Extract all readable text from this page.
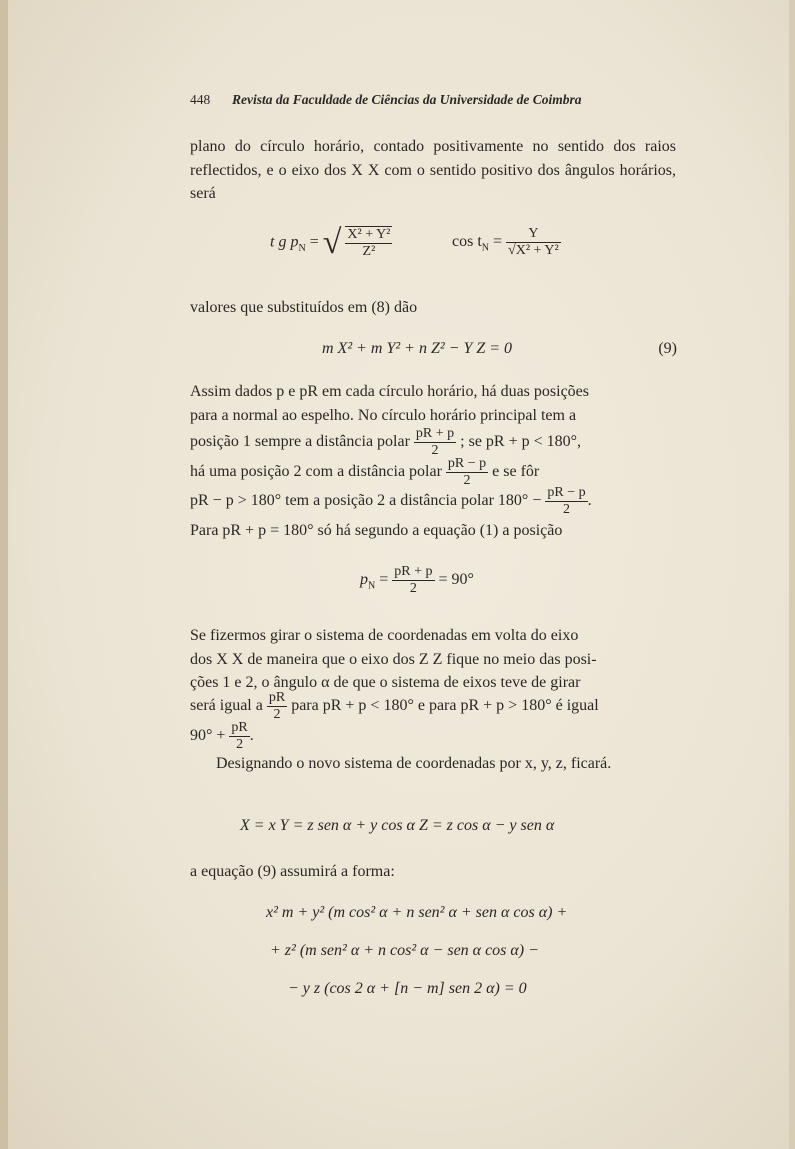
448 Revista da Faculdade de Ciências da Universidade de Coimbra

plano do círculo horário, contado positivamente no sentido dos raios reflectidos, e o eixo dos X X com o sentido positivo dos ângulos horários, será

t g $p_N$ = √ $\frac{\text{X² + Y²}}{\text{Z²}}$	$\cos t_N = \frac{Y}{\text{√X² + Y²}}$

valores que substituídos em (8) dão

m X² + m Y² + n Z² − Y Z = 0	(9)
Assim dados p e pR em cada círculo horário, há duas posições
para a normal ao espelho. No círculo horário principal tem a
posição 1 sempre a distância polar $\frac{pR + p}{2}$ ; se pR + p < 180°,
há uma posição 2 com a distância polar $\frac{pR - p}{2}$ e se fôr
pR − p > 180° tem a posição 2 a distância polar $180^\circ - \frac{pR - p}{2}$ .
Para pR + p = 180° só há segundo a equação (1) a posição
$p_N = \frac{pR + p}{2} = 90^\circ$
Se fizermos girar o sistema de coordenadas em volta do eixo
dos X X de maneira que o eixo dos Z Z fique no meio das posi-
ções 1 e 2, o ângulo α de que o sistema de eixos teve de girar
será igual a $\frac{pR}{2}$ para pR + p < 180° e para pR + p > 180° é igual
$90^\circ + \frac{pR}{2}$ .

Designando o novo sistema de coordenadas por x, y, z, ficará.

X = x Y = z sen α + y cos α Z = z cos α − y sen α

a equação (9) assumirá a forma:

x² m + y² (m cos² α + n sen² α + sen α cos α) +
+ z² (m sen² α + n cos² α − sen α cos α) −
− y z (cos 2 α + [n − m] sen 2 α) = 0
